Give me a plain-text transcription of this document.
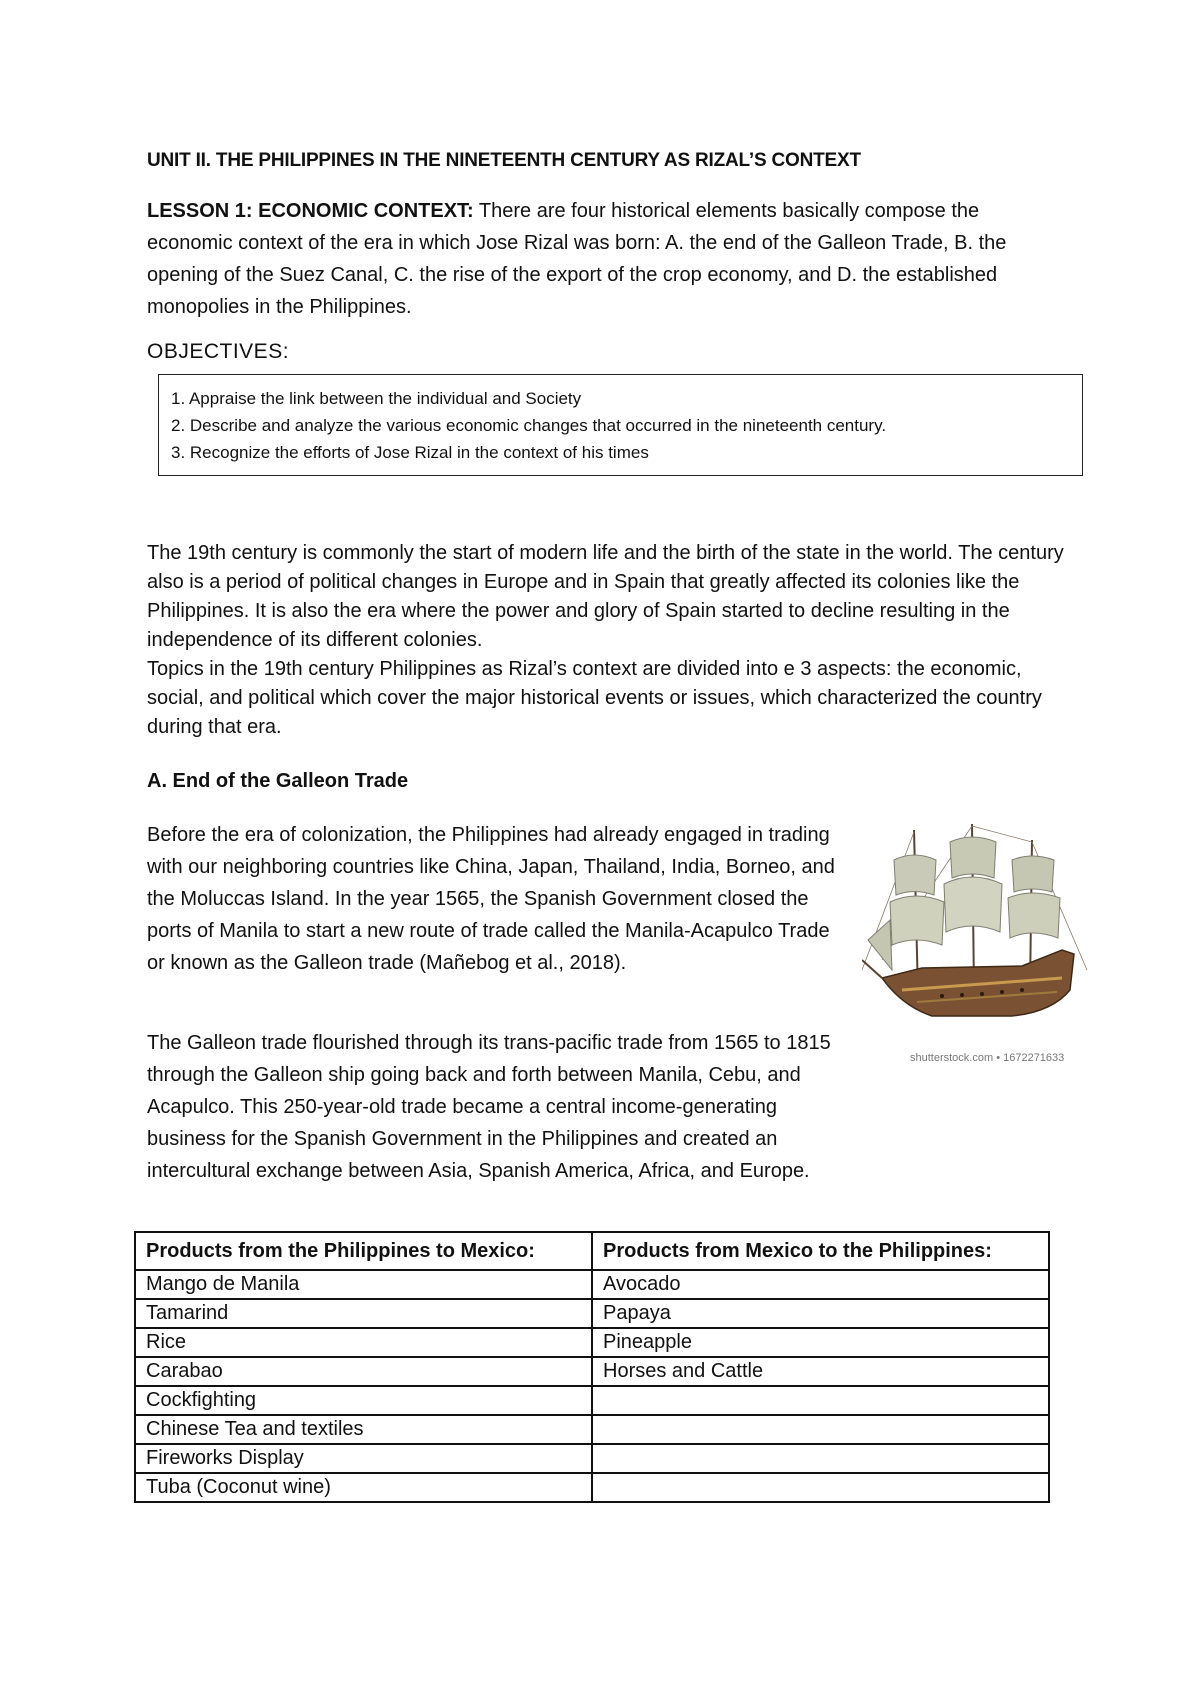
UNIT II. THE PHILIPPINES IN THE NINETEENTH CENTURY AS RIZAL’S CONTEXT
LESSON 1: ECONOMIC CONTEXT: There are four historical elements basically compose the economic context of the era in which Jose Rizal was born: A. the end of the Galleon Trade, B. the opening of the Suez Canal, C. the rise of the export of the crop economy, and D. the established monopolies in the Philippines.
OBJECTIVES:
1. Appraise the link between the individual and Society
2. Describe and analyze the various economic changes that occurred in the nineteenth century.
3. Recognize the efforts of Jose Rizal in the context of his times

The 19th century is commonly the start of modern life and the birth of the state in the world. The century also is a period of political changes in Europe and in Spain that greatly affected its colonies like the Philippines. It is also the era where the power and glory of Spain started to decline resulting in the independence of its different colonies.

Topics in the 19th century Philippines as Rizal’s context are divided into e 3 aspects: the economic, social, and political which cover the major historical events or issues, which characterized the country during that era.

A. End of the Galleon Trade
Before the era of colonization, the Philippines had already engaged in trading with our neighboring countries like China, Japan, Thailand, India, Borneo, and the Moluccas Island. In the year 1565, the Spanish Government closed the ports of Manila to start a new route of trade called the Manila-Acapulco Trade or known as the Galleon trade (Mañebog et al., 2018).
shutterstock.com • 1672271633
The Galleon trade flourished through its trans-pacific trade from 1565 to 1815 through the Galleon ship going back and forth between Manila, Cebu, and Acapulco. This 250-year-old trade became a central income-generating business for the Spanish Government in the Philippines and created an intercultural exchange between Asia, Spanish America, Africa, and Europe.
Products from the Philippines to Mexico:	Products from Mexico to the Philippines:
Mango de Manila	Avocado
Tamarind	Papaya
Rice	Pineapple
Carabao	Horses and Cattle
Cockfighting	
Chinese Tea and textiles	
Fireworks Display	
Tuba (Coconut wine)	
